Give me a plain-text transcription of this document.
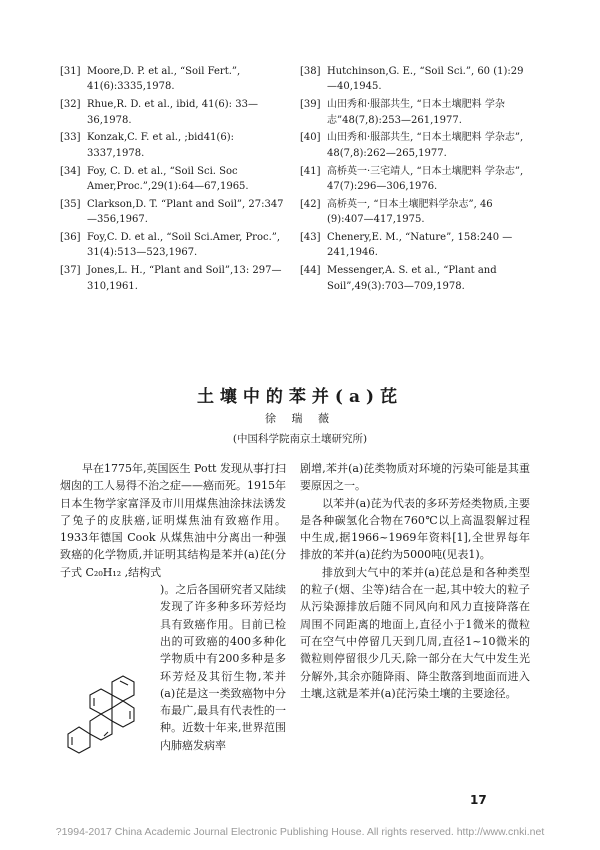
[31] Moore,D. P. et al., “Soil Fert.”, 41(6):3335,1978.
[32] Rhue,R. D. et al., ibid, 41(6): 33—36,1978.
[33] Konzak,C. F. et al., ;bid41(6): 3337,1978.
[34] Foy, C. D. et al., “Soil Sci. Soc Amer,Proc.”,29(1):64—67,1965.
[35] Clarkson,D. T. “Plant and Soil”, 27:347—356,1967.
[36] Foy,C. D. et al., “Soil Sci.Amer, Proc.”, 31(4):513—523,1967.
[37] Jones,L. H., “Plant and Soil”,13: 297—310,1961.
[38] Hutchinson,G. E., “Soil Sci.”, 60 (1):29—40,1945.
[39] 山田秀和·服部共生, “日本土壤肥料 学杂志”48(7,8):253—261,1977.
[40] 山田秀和·服部共生, “日本土壤肥料 学杂志”, 48(7,8):262—265,1977.
[41] 高桥英一·三宅靖人, “日本土壤肥料 学杂志”, 47(7):296—306,1976.
[42] 高桥英一, “日本土壤肥料学杂志”, 46 (9):407—417,1975.
[43] Chenery,E. M., “Nature”, 158:240 —241,1946.
[44] Messenger,A. S. et al., “Plant and Soil”,49(3):703—709,1978.
土壤中的苯并(a)芘
徐 瑞 薇
(中国科学院南京土壤研究所)

早在1775年,英国医生 Pott 发现从事打扫烟囱的工人易得不治之症——癌而死。1915年日本生物学家富泽及市川用煤焦油涂抹法诱发了兔子的皮肤癌,证明煤焦油有致癌作用。1933年德国 Cook 从煤焦油中分离出一种强致癌的化学物质,并证明其结构是苯并(a)芘(分子式 C₂₀H₁₂ ,结构式

)。之后各国研究者又陆续发现了许多种多环芳烃均具有致癌作用。目前已检出的可致癌的400多种化学物质中有200多种是多环芳烃及其衍生物,苯并(a)芘是这一类致癌物中分布最广,最具有代表性的一种。近数十年来,世界范围内肺癌发病率

剧增,苯并(a)芘类物质对环境的污染可能是其重要原因之一。

以苯并(a)芘为代表的多环芳烃类物质,主要是各种碳氢化合物在760℃以上高温裂解过程中生成,据1966~1969年资料[1],全世界每年排放的苯并(a)芘约为5000吨(见表1)。

排放到大气中的苯并(a)芘总是和各种类型的粒子(烟、尘等)结合在一起,其中较大的粒子从污染源排放后随不同风向和风力直接降落在周围不同距离的地面上,直径小于1微米的微粒可在空气中停留几天到几周,直径1~10微米的微粒则停留很少几天,除一部分在大气中发生光分解外,其余亦随降雨、降尘散落到地面而进入土壤,这就是苯并(a)芘污染土壤的主要途径。

17
?1994-2017 China Academic Journal Electronic Publishing House. All rights reserved. http://www.cnki.net
